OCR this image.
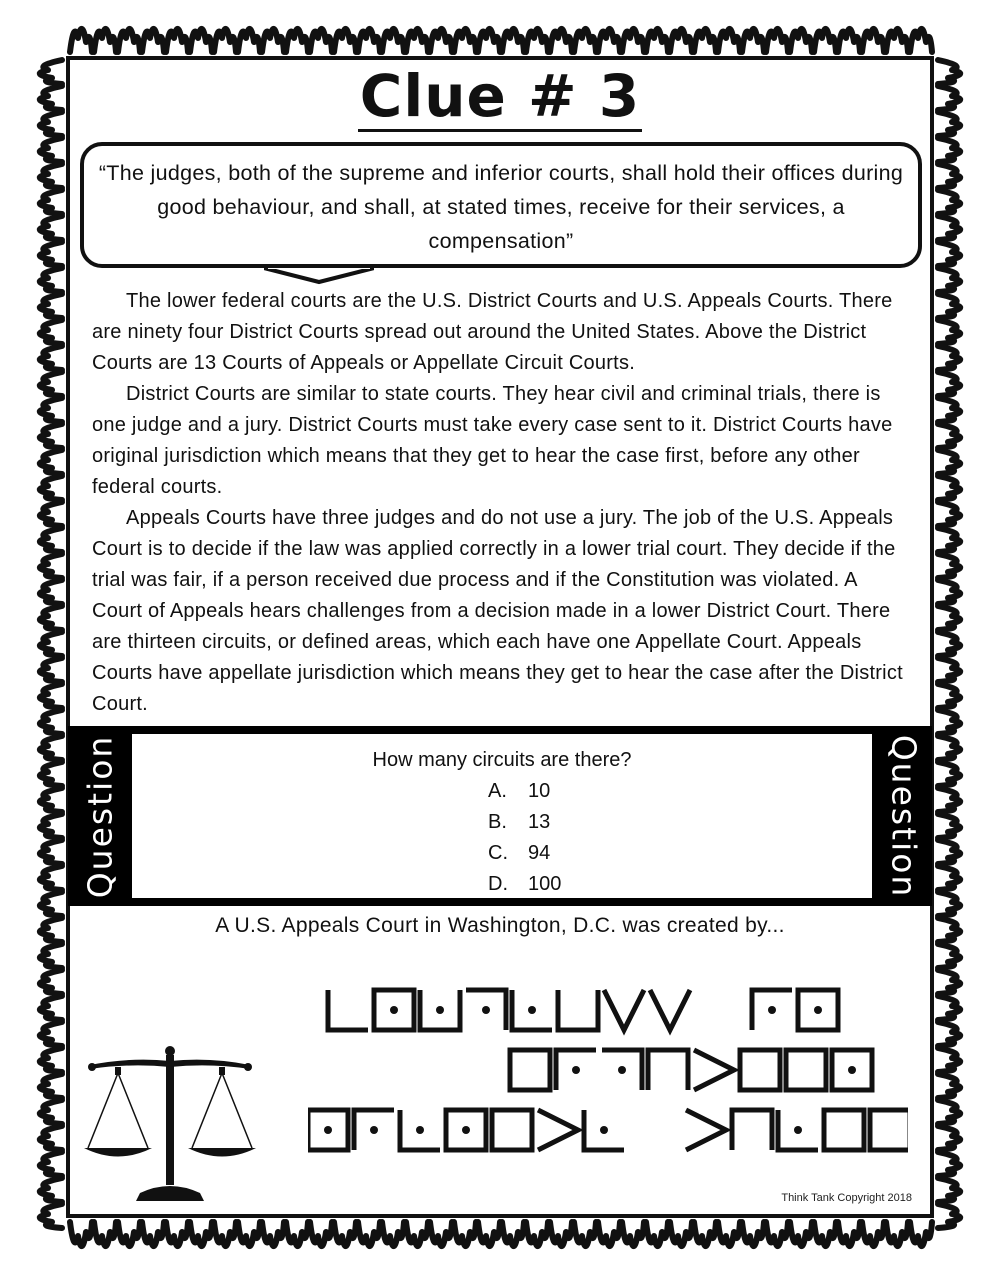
Clue # 3
“The judges, both of the supreme and inferior courts, shall hold their offices during good behaviour, and shall, at stated times, receive for their services, a compensation”

The lower federal courts are the U.S. District Courts and U.S. Appeals Courts. There are ninety four District Courts spread out around the United States. Above the District Courts are 13 Courts of Appeals or Appellate Circuit Courts.

District Courts are similar to state courts. They hear civil and criminal trials, there is one judge and a jury. District Courts must take every case sent to it. District Courts have original jurisdiction which means that they get to hear the case first, before any other federal courts.

Appeals Courts have three judges and do not use a jury. The job of the U.S. Appeals Court is to decide if the law was applied correctly in a lower trial court. They decide if the trial was fair, if a person received due process and if the Constitution was violated. A Court of Appeals hears challenges from a decision made in a lower District Court. There are thirteen circuits, or defined areas, which each have one Appellate Court. Appeals Courts have appellate jurisdiction which means they get to hear the case after the District Court.

Question	How many circuits are there?
A. 10
B. 13
C. 94
D. 100	Question
A U.S. Appeals Court in Washington, D.C. was created by...
Think Tank Copyright 2018
